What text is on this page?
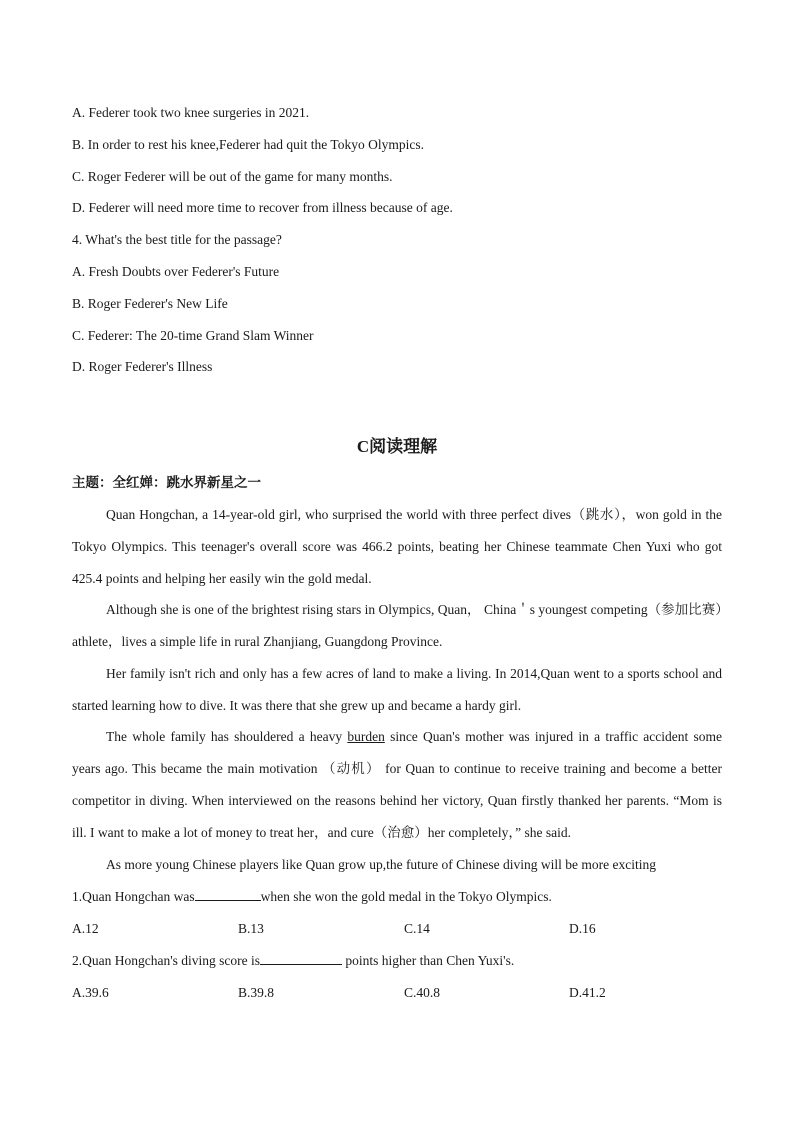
A. Federer took two knee surgeries in 2021.
B. In order to rest his knee,Federer had quit the Tokyo Olympics.
C. Roger Federer will be out of the game for many months.
D. Federer will need more time to recover from illness because of age.
4. What's the best title for the passage?
A. Fresh Doubts over Federer's Future
B. Roger Federer's New Life
C. Federer: The 20-time Grand Slam Winner
D. Roger Federer's Illness
C阅读理解
主题：全红婵：跳水界新星之一
Quan Hongchan, a 14-year-old girl, who surprised the world with three perfect dives（跳水），won gold in the Tokyo Olympics. This teenager's overall score was 466.2 points, beating her Chinese teammate Chen Yuxi who got 425.4 points and helping her easily win the gold medal.
Although she is one of the brightest rising stars in Olympics, Quan， China＇s youngest competing（参加比赛）athlete，lives a simple life in rural Zhanjiang, Guangdong Province.
Her family isn't rich and only has a few acres of land to make a living. In 2014,Quan went to a sports school and started learning how to dive. It was there that she grew up and became a hardy girl.
The whole family has shouldered a heavy burden since Quan's mother was injured in a traffic accident some years ago. This became the main motivation （动机） for Quan to continue to receive training and become a better competitor in diving. When interviewed on the reasons behind her victory, Quan firstly thanked her parents. “Mom is ill. I want to make a lot of money to treat her，and cure（治愈）her completely，” she said.
As more young Chinese players like Quan grow up,the future of Chinese diving will be more exciting
1.Quan Hongchan was	when she won the gold medal in the Tokyo Olympics.
A.12	B.13	C.14	D.16
2.Quan Hongchan's diving score is	points higher than Chen Yuxi's.
A.39.6	B.39.8	C.40.8	D.41.2
